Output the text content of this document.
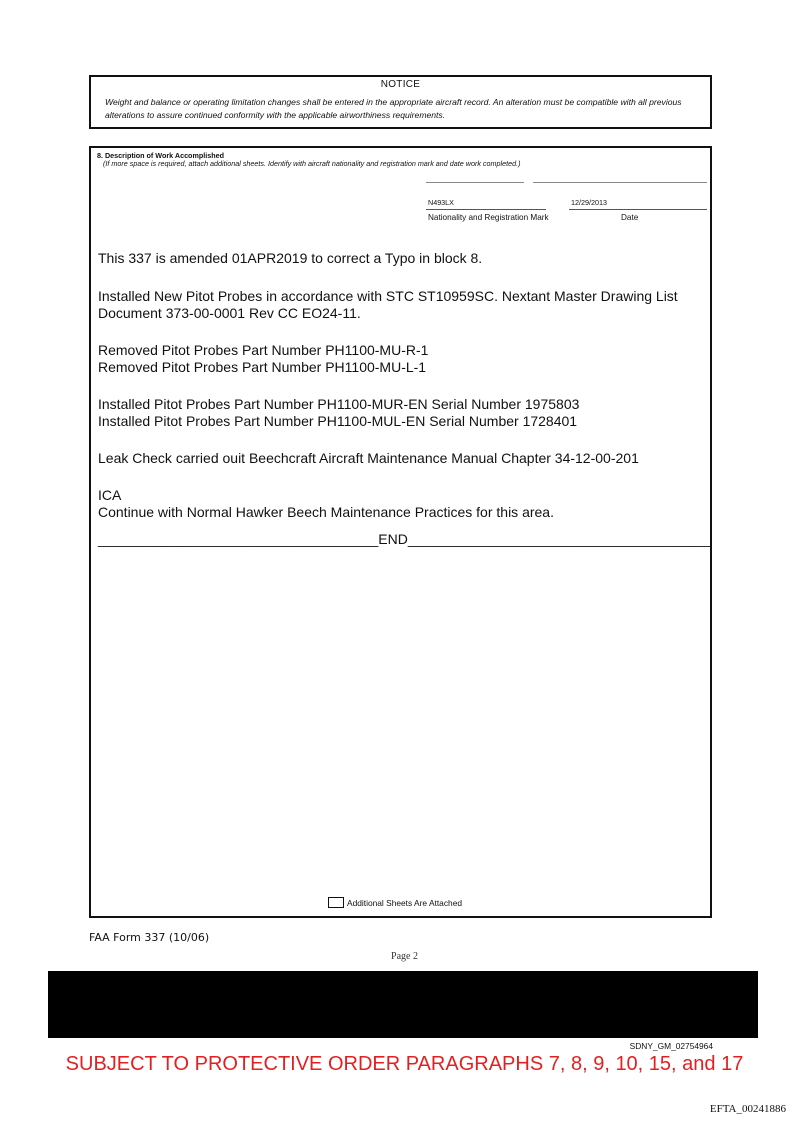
NOTICE
Weight and balance or operating limitation changes shall be entered in the appropriate aircraft record. An alteration must be compatible with all previous alterations to assure continued conformity with the applicable airworthiness requirements.
8. Description of Work Accomplished
(If more space is required, attach additional sheets. Identify with aircraft nationality and registration mark and date work completed.)
N493LX	12/29/2013
Nationality and Registration Mark	Date
This 337 is amended 01APR2019 to correct a Typo in block 8.
Installed New Pitot Probes in accordance with STC ST10959SC. Nextant Master Drawing List
Document 373-00-0001 Rev CC EO24-11.
Removed Pitot Probes Part Number PH1100-MU-R-1
Removed Pitot Probes Part Number PH1100-MU-L-1
Installed Pitot Probes Part Number PH1100-MUR-EN Serial Number 1975803
Installed Pitot Probes Part Number PH1100-MUL-EN Serial Number 1728401
Leak Check carried ouit Beechcraft Aircraft Maintenance Manual Chapter 34-12-00-201
ICA
Continue with Normal Hawker Beech Maintenance Practices for this area.
____________________________________END_______________________________________
Additional Sheets Are Attached
FAA Form 337 (10/06)
Page 2
SDNY_GM_02754964
SUBJECT TO PROTECTIVE ORDER PARAGRAPHS 7, 8, 9, 10, 15, and 17
EFTA_00241886
